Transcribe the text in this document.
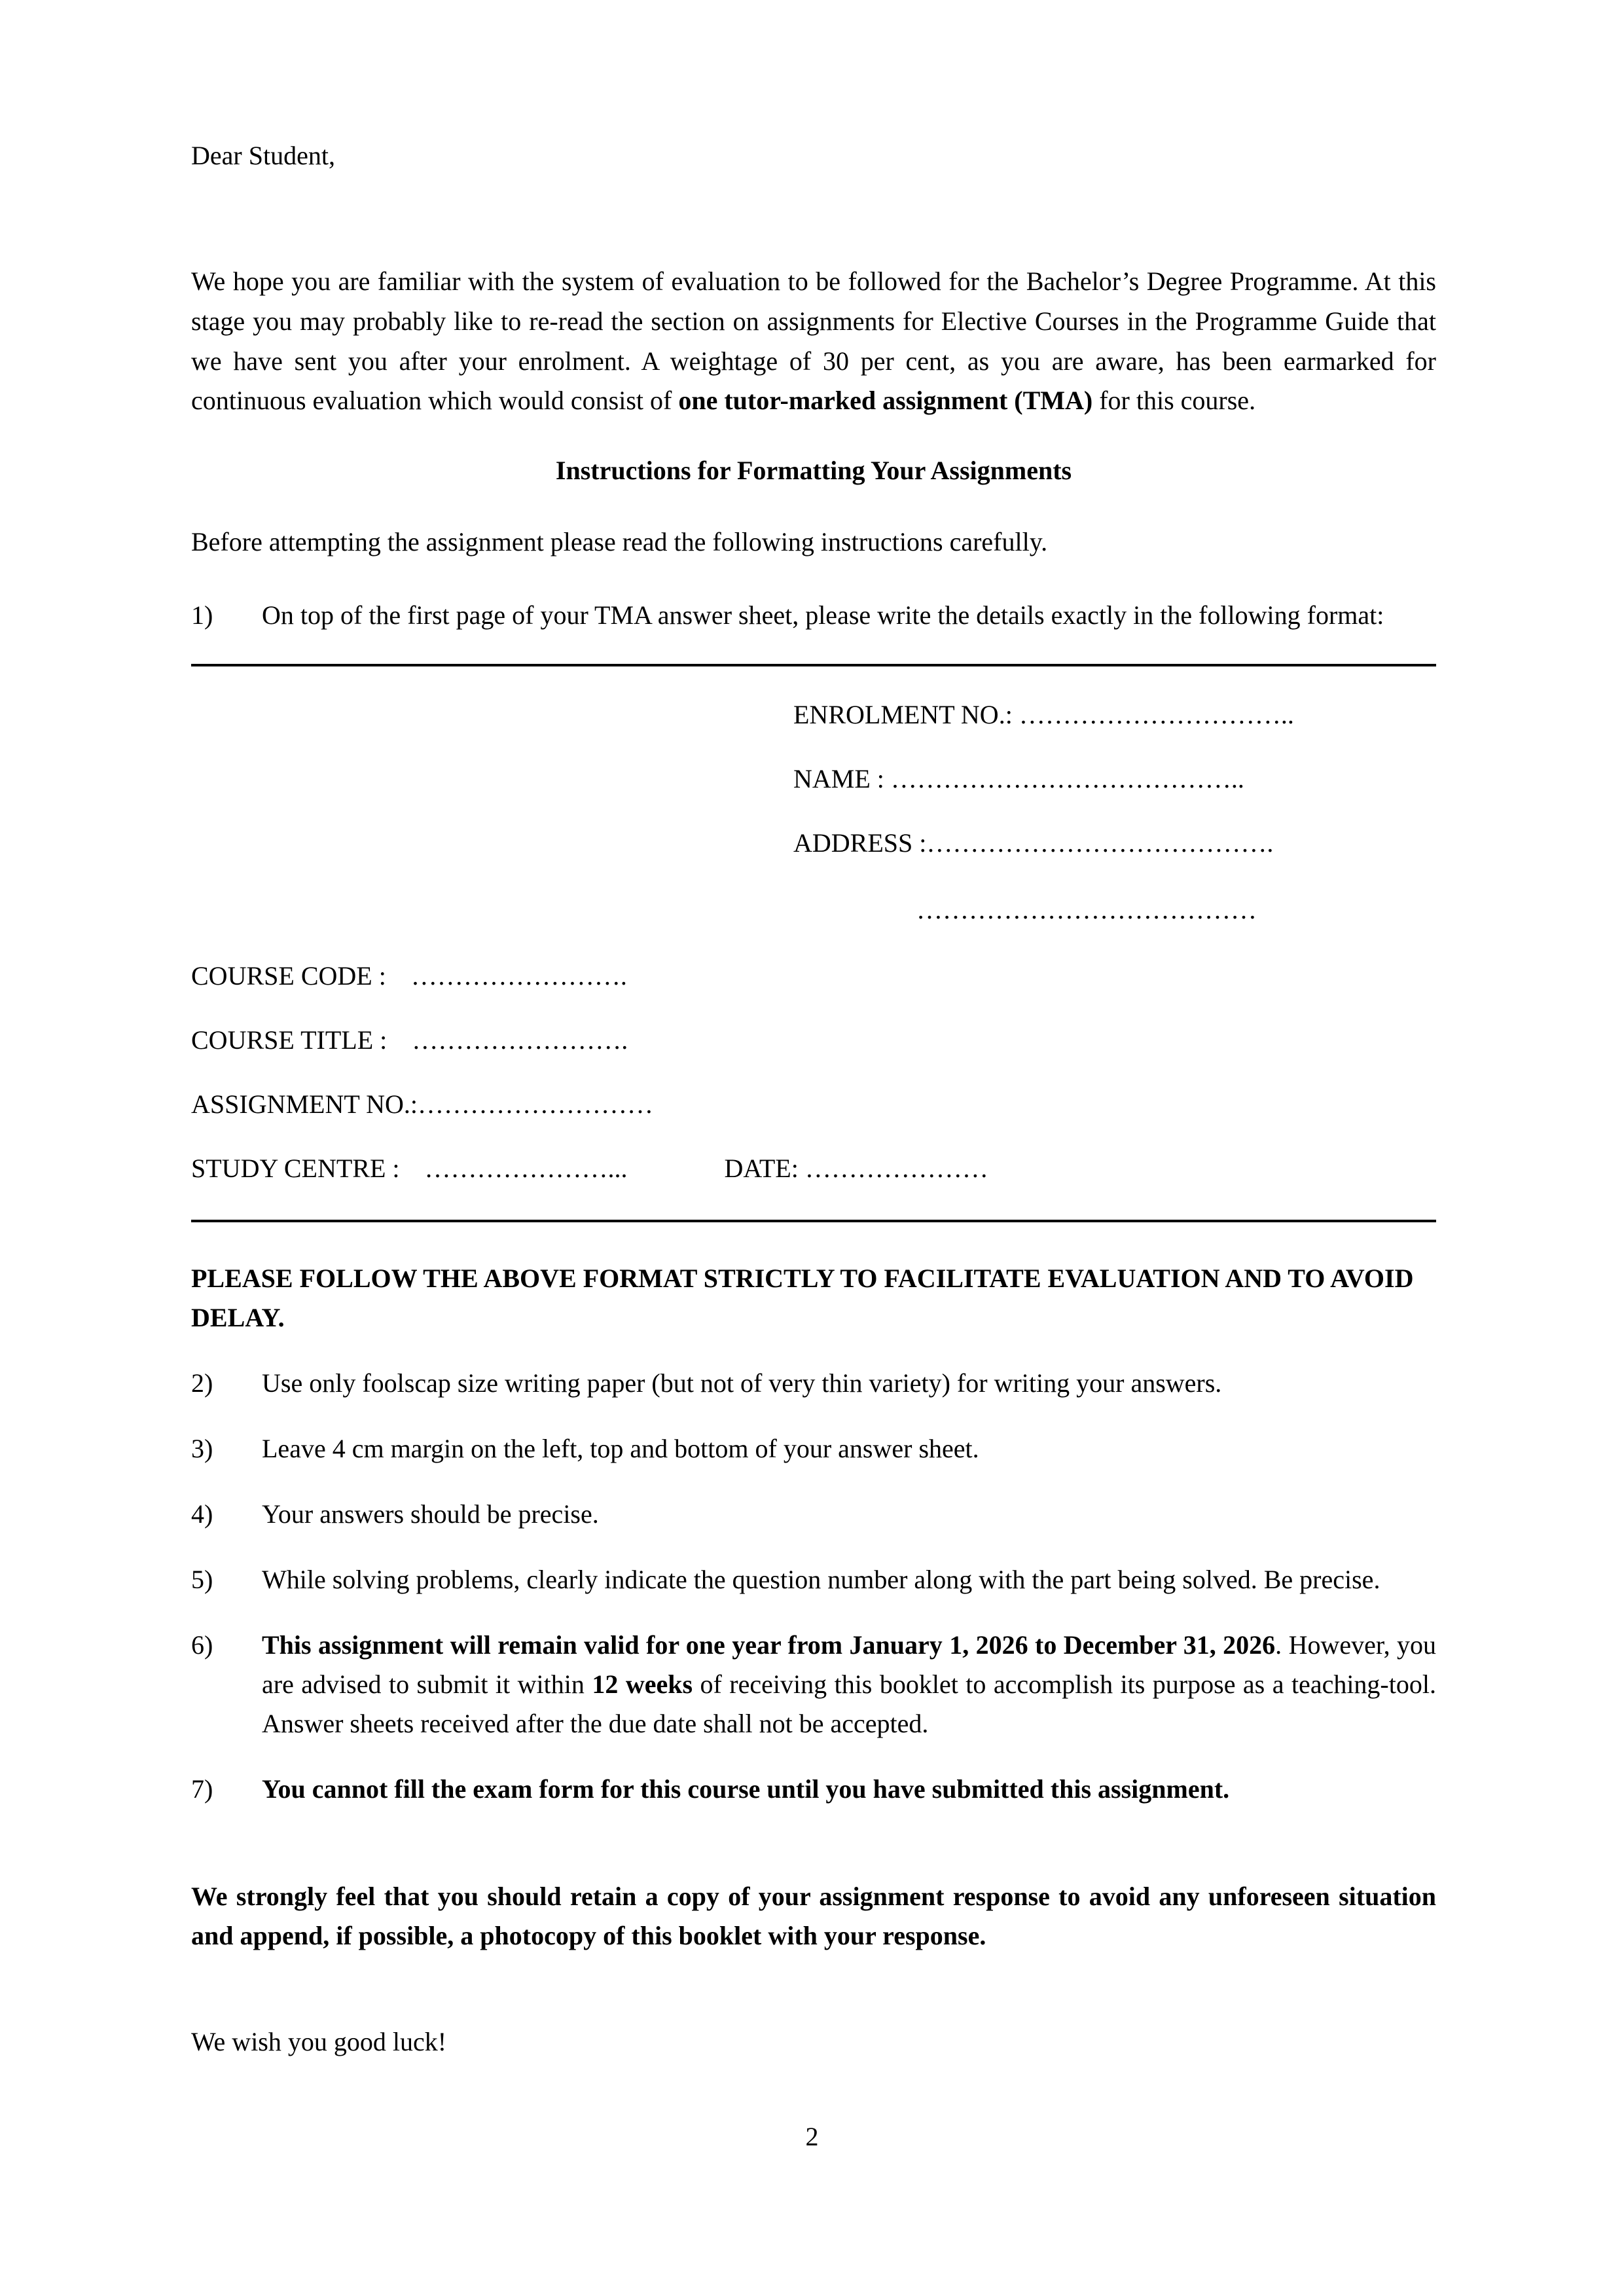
Dear Student,
We hope you are familiar with the system of evaluation to be followed for the Bachelor’s Degree Programme. At this stage you may probably like to re-read the section on assignments for Elective Courses in the Programme Guide that we have sent you after your enrolment. A weightage of 30 per cent, as you are aware, has been earmarked for continuous evaluation which would consist of one tutor-marked assignment (TMA) for this course.
Instructions for Formatting Your Assignments
Before attempting the assignment please read the following instructions carefully.
1)	On top of the first page of your TMA answer sheet, please write the details exactly in the following format:
ENROLMENT NO.: …………………………..
NAME : …………………………………..
ADDRESS :………………………………….
…………………………………
COURSE CODE : …………………….
COURSE TITLE : …………………….
ASSIGNMENT NO.:………………………
STUDY CENTRE : …………………...	DATE: …………………
PLEASE FOLLOW THE ABOVE FORMAT STRICTLY TO FACILITATE EVALUATION AND TO AVOID DELAY.
2)	Use only foolscap size writing paper (but not of very thin variety) for writing your answers.
3)	Leave 4 cm margin on the left, top and bottom of your answer sheet.
4)	Your answers should be precise.
5)	While solving problems, clearly indicate the question number along with the part being solved. Be precise.
6)	This assignment will remain valid for one year from January 1, 2026 to December 31, 2026. However, you are advised to submit it within 12 weeks of receiving this booklet to accomplish its purpose as a teaching-tool. Answer sheets received after the due date shall not be accepted.
7)	You cannot fill the exam form for this course until you have submitted this assignment.
We strongly feel that you should retain a copy of your assignment response to avoid any unforeseen situation and append, if possible, a photocopy of this booklet with your response.
We wish you good luck!
2
